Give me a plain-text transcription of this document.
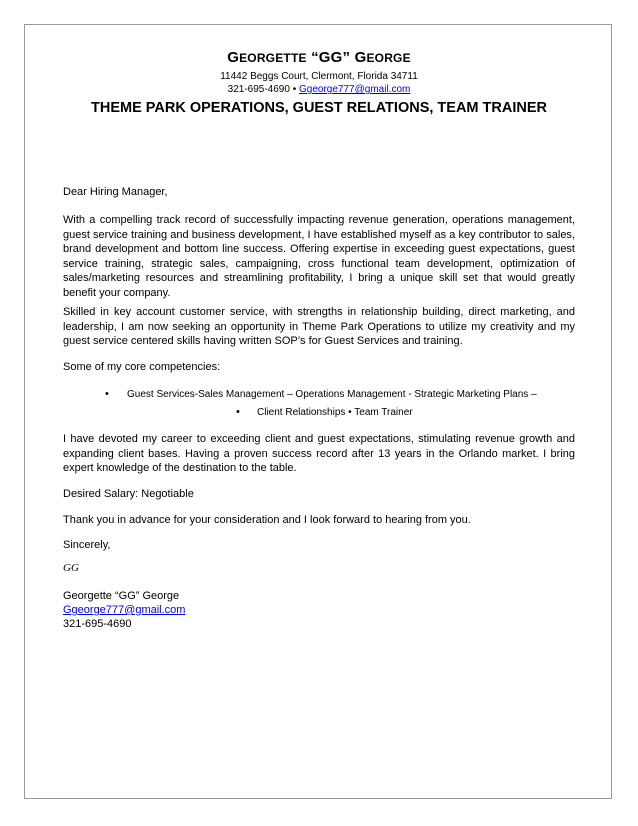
GEORGETTE “GG” GEORGE
11442 Beggs Court, Clermont, Florida 34711
321-695-4690 • Ggeorge777@gmail.com
THEME PARK OPERATIONS, GUEST RELATIONS, TEAM TRAINER
Dear Hiring Manager,
With a compelling track record of successfully impacting revenue generation, operations management, guest service training and business development, I have established myself as a key contributor to sales, brand development and bottom line success. Offering expertise in exceeding guest expectations, guest service training, strategic sales, campaigning, cross functional team development, optimization of sales/marketing resources and streamlining profitability, I bring a unique skill set that would greatly benefit your company.
Skilled in key account customer service, with strengths in relationship building, direct marketing, and leadership, I am now seeking an opportunity in Theme Park Operations to utilize my creativity and my guest service centered skills having written SOP’s for Guest Services and training.
Some of my core competencies:
• Guest Services-Sales Management – Operations Management - Strategic Marketing Plans –
• Client Relationships • Team Trainer
I have devoted my career to exceeding client and guest expectations, stimulating revenue growth and expanding client bases. Having a proven success record after 13 years in the Orlando market. I bring expert knowledge of the destination to the table.
Desired Salary: Negotiable
Thank you in advance for your consideration and I look forward to hearing from you.
Sincerely,
GG
Georgette “GG” George
Ggeorge777@gmail.com
321-695-4690
